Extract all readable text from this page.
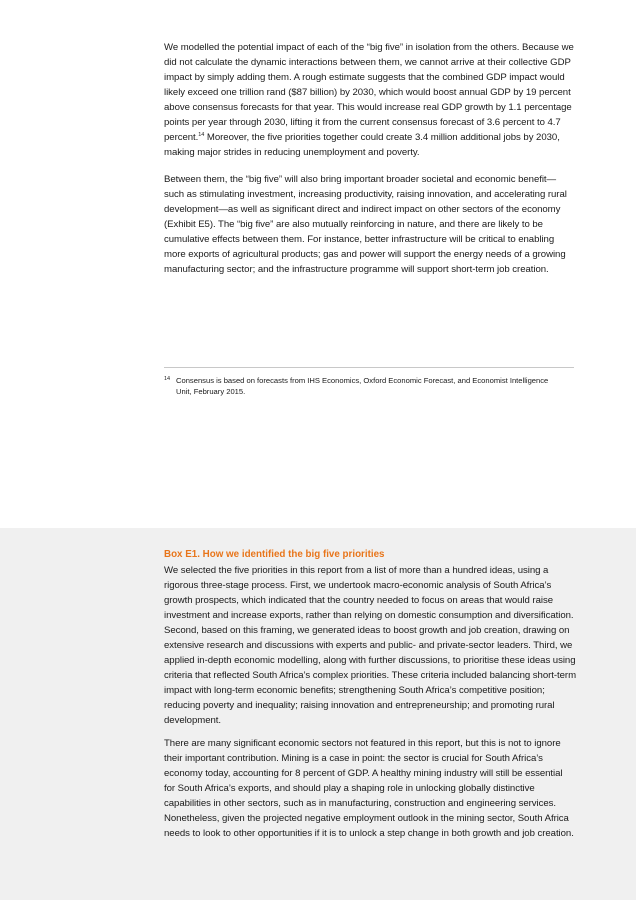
We modelled the potential impact of each of the “big five” in isolation from the others. Because we did not calculate the dynamic interactions between them, we cannot arrive at their collective GDP impact by simply adding them. A rough estimate suggests that the combined GDP impact would likely exceed one trillion rand ($87 billion) by 2030, which would boost annual GDP by 19 percent above consensus forecasts for that year. This would increase real GDP growth by 1.1 percentage points per year through 2030, lifting it from the current consensus forecast of 3.6 percent to 4.7 percent.$^{14}$ Moreover, the five priorities together could create 3.4 million additional jobs by 2030, making major strides in reducing unemployment and poverty.

Between them, the “big five” will also bring important broader societal and economic benefit—such as stimulating investment, increasing productivity, raising innovation, and accelerating rural development—as well as significant direct and indirect impact on other sectors of the economy (Exhibit E5). The “big five” are also mutually reinforcing in nature, and there are likely to be cumulative effects between them. For instance, better infrastructure will be critical to enabling more exports of agricultural products; gas and power will support the energy needs of a growing manufacturing sector; and the infrastructure programme will support short-term job creation.

14 Consensus is based on forecasts from IHS Economics, Oxford Economic Forecast, and Economist Intelligence Unit, February 2015.
Box E1. How we identified the big five priorities

We selected the five priorities in this report from a list of more than a hundred ideas, using a rigorous three-stage process. First, we undertook macro-economic analysis of South Africa’s growth prospects, which indicated that the country needed to focus on areas that would raise investment and increase exports, rather than relying on domestic consumption and diversification. Second, based on this framing, we generated ideas to boost growth and job creation, drawing on extensive research and discussions with experts and public- and private-sector leaders. Third, we applied in-depth economic modelling, along with further discussions, to prioritise these ideas using criteria that reflected South Africa’s complex priorities. These criteria included balancing short-term impact with long-term economic benefits; strengthening South Africa’s competitive position; reducing poverty and inequality; raising innovation and entrepreneurship; and promoting rural development.

There are many significant economic sectors not featured in this report, but this is not to ignore their important contribution. Mining is a case in point: the sector is crucial for South Africa’s economy today, accounting for 8 percent of GDP. A healthy mining industry will still be essential for South Africa’s exports, and should play a shaping role in unlocking globally distinctive capabilities in other sectors, such as in manufacturing, construction and engineering services. Nonetheless, given the projected negative employment outlook in the mining sector, South Africa needs to look to other opportunities if it is to unlock a step change in both growth and job creation.
